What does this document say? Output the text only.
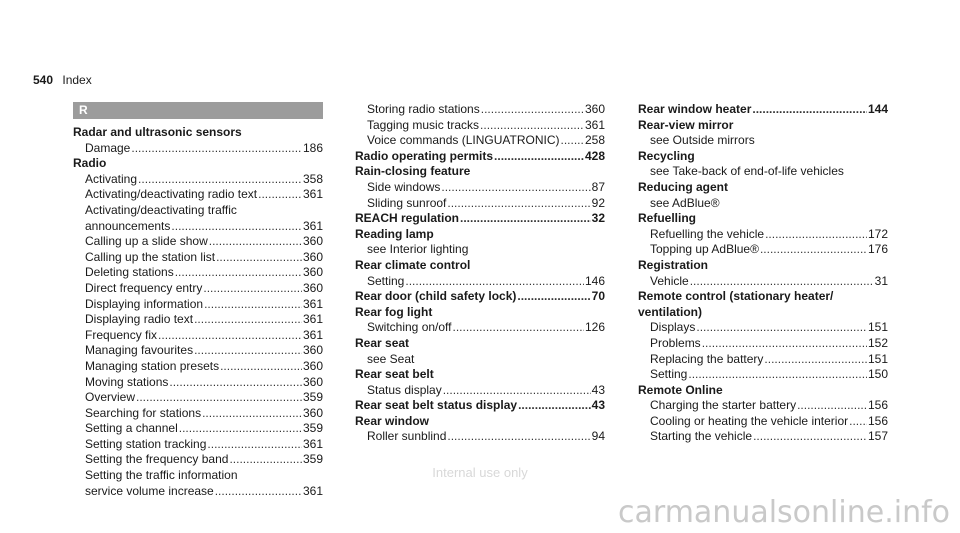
540 Index
R
Radar and ultrasonic sensors
Damage .....	186
Radio
Activating .....	358
Activating/deactivating radio text .....	361
Activating/deactivating traffic
announcements .....	361
Calling up a slide show .....	360
Calling up the station list .....	360
Deleting stations .....	360
Direct frequency entry .....	360
Displaying information .....	361
Displaying radio text .....	361
Frequency fix .....	361
Managing favourites .....	360
Managing station presets .....	360
Moving stations .....	360
Overview .....	359
Searching for stations .....	360
Setting a channel .....	359
Setting station tracking .....	361
Setting the frequency band .....	359
Setting the traffic information
service volume increase .....	361
Storing radio stations .....	360
Tagging music tracks .....	361
Voice commands (LINGUATRONIC) ..... 258
Radio operating permits .....	428
Rain-closing feature
Side windows .....	87
Sliding sunroof .....	92
REACH regulation .....	32
Reading lamp
see Interior lighting
Rear climate control
Setting .....	146
Rear door (child safety lock) .....	70
Rear fog light
Switching on/off .....	126
Rear seat
see Seat
Rear seat belt
Status display .....	43
Rear seat belt status display .....	43
Rear window
Roller sunblind .....	94
Rear window heater .....	144
Rear-view mirror
see Outside mirrors
Recycling
see Take-back of end-of-life vehicles
Reducing agent
see AdBlue®
Refuelling
Refuelling the vehicle .....	172
Topping up AdBlue® .....	176
Registration
Vehicle .....	31
Remote control (stationary heater/
ventilation)
Displays .....	151
Problems .....	152
Replacing the battery .....	151
Setting .....	150
Remote Online
Charging the starter battery .....	156
Cooling or heating the vehicle interior ..... 156
Starting the vehicle .....	157
Internal use only
carmanualsonline.info
